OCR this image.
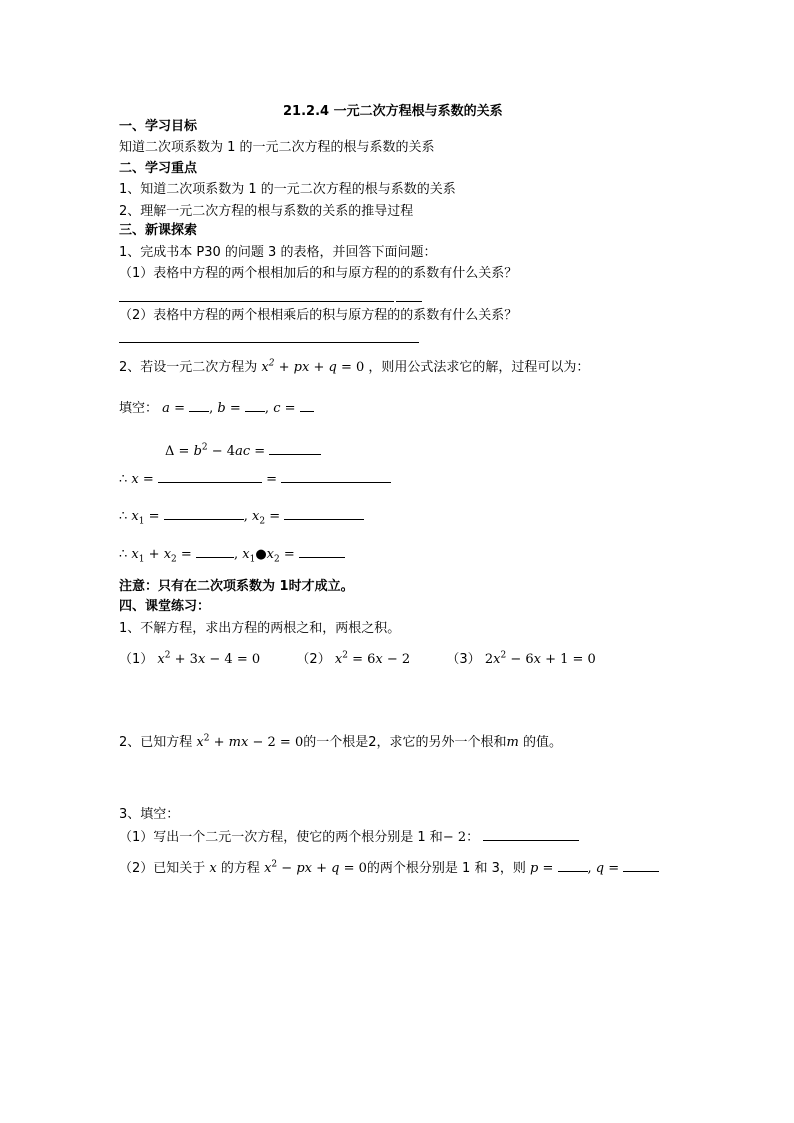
21.2.4 一元二次方程根与系数的关系
一、学习目标
知道二次项系数为 1 的一元二次方程的根与系数的关系
二、学习重点
1、知道二次项系数为 1 的一元二次方程的根与系数的关系
2、理解一元二次方程的根与系数的关系的推导过程
三、新课探索
1、完成书本 P30 的问题 3 的表格，并回答下面问题：
（1）表格中方程的两个根相加后的和与原方程的的系数有什么关系？
（2）表格中方程的两个根相乘后的积与原方程的的系数有什么关系？
2、若设一元二次方程为 $x^2$ + px + q = 0 ，则用公式法求它的解，过程可以为：
填空： a = , b = , c =
$\Delta = b^2 - 4ac$ =
∴ x =	=
∴ $x_1$ =	, $x_2$ =
∴ $x_1 + x_2$ =	, $x_1●x_2$ =
注意：只有在二次项系数为 1时才成立。
四、课堂练习：
1、不解方程，求出方程的两根之和，两根之积。
（1） $x^2 + 3x - 4 = 0$	（2） $x^2 = 6x - 2$	（3） $2x^2 - 6x + 1 = 0$
2、已知方程 $x^2$ + mx − 2 = 0的一个根是2，求它的另外一个根和m 的值。
3、填空：
（1）写出一个二元一次方程，使它的两个根分别是 1 和− 2：
（2）已知关于 x 的方程 $x^2$ − px + q = 0的两个根分别是 1 和 3，则 p =	, q =
